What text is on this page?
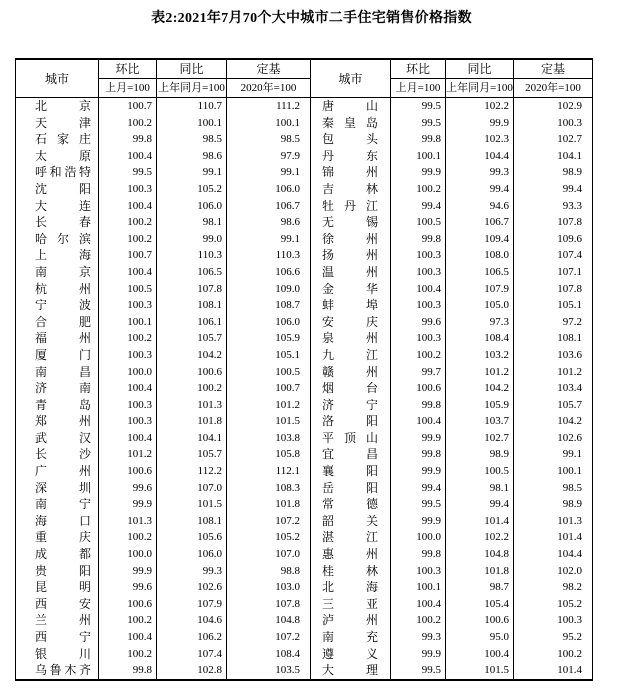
表2:2021年7月70个大中城市二手住宅销售价格指数
城市	环比	同比	定基	城市	环比	同比	定基
	上月=100	上年同月=100	2020年=100		上月=100	上年同月=100	2020年=100
北京	100.7	110.7	111.2	唐山	99.5	102.2	102.9
天津	100.2	100.1	100.1	秦皇岛	99.5	99.9	100.3
石家庄	99.8	98.5	98.5	包头	99.8	102.3	102.7
太原	100.4	98.6	97.9	丹东	100.1	104.4	104.1
呼和浩特	99.5	99.1	99.1	锦州	99.9	99.3	98.9
沈阳	100.3	105.2	106.0	吉林	100.2	99.4	99.4
大连	100.4	106.0	106.7	牡丹江	99.4	94.6	93.3
长春	100.2	98.1	98.6	无锡	100.5	106.7	107.8
哈尔滨	100.2	99.0	99.1	徐州	99.8	109.4	109.6
上海	100.7	110.3	110.3	扬州	100.3	108.0	107.4
南京	100.4	106.5	106.6	温州	100.3	106.5	107.1
杭州	100.5	107.8	109.0	金华	100.4	107.9	107.8
宁波	100.3	108.1	108.7	蚌埠	100.3	105.0	105.1
合肥	100.1	106.1	106.0	安庆	99.6	97.3	97.2
福州	100.2	105.7	105.9	泉州	100.3	108.4	108.1
厦门	100.3	104.2	105.1	九江	100.2	103.2	103.6
南昌	100.0	100.6	100.5	赣州	99.7	101.2	101.2
济南	100.4	100.2	100.7	烟台	100.6	104.2	103.4
青岛	100.3	101.3	101.2	济宁	99.8	105.9	105.7
郑州	100.3	101.8	101.5	洛阳	100.4	103.7	104.2
武汉	100.4	104.1	103.8	平顶山	99.9	102.7	102.6
长沙	101.2	105.7	105.8	宜昌	99.8	98.9	99.1
广州	100.6	112.2	112.1	襄阳	99.9	100.5	100.1
深圳	99.6	107.0	108.3	岳阳	99.4	98.1	98.5
南宁	99.9	101.5	101.8	常德	99.5	99.4	98.9
海口	101.3	108.1	107.2	韶关	99.9	101.4	101.3
重庆	100.2	105.6	105.2	湛江	100.0	102.2	101.4
成都	100.0	106.0	107.0	惠州	99.8	104.8	104.4
贵阳	99.9	99.3	98.8	桂林	100.3	101.8	102.0
昆明	99.6	102.6	103.0	北海	100.1	98.7	98.2
西安	100.6	107.9	107.8	三亚	100.4	105.4	105.2
兰州	100.2	104.6	104.8	泸州	100.2	100.6	100.3
西宁	100.4	106.2	107.2	南充	99.3	95.0	95.2
银川	100.2	107.4	108.4	遵义	99.9	100.4	100.2
乌鲁木齐	99.8	102.8	103.5	大理	99.5	101.5	101.4
